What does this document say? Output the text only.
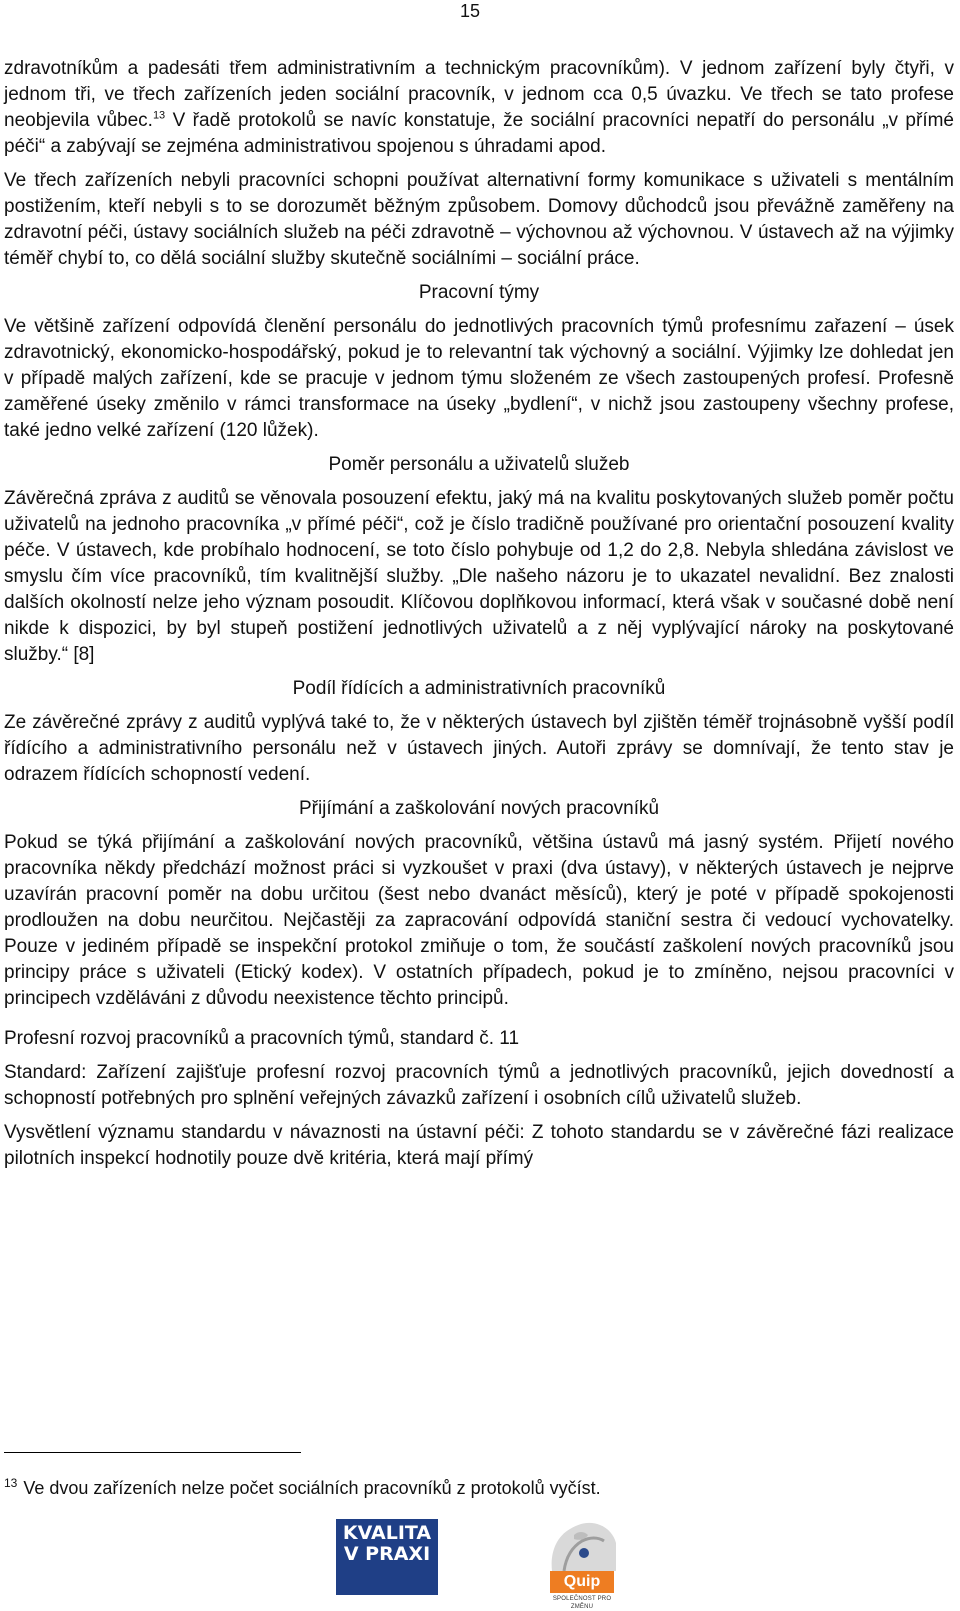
15

zdravotníkům a padesáti třem administrativním a technickým pracovníkům). V jednom zařízení byly čtyři, v jednom tři, ve třech zařízeních jeden sociální pracovník, v jednom cca 0,5 úvazku. Ve třech se tato profese neobjevila vůbec.$^{13}$ V řadě protokolů se navíc konstatuje, že sociální pracovníci nepatří do personálu „v přímé péči“ a zabývají se zejména administrativou spojenou s úhradami apod.

Ve třech zařízeních nebyli pracovníci schopni používat alternativní formy komunikace s uživateli s mentálním postižením, kteří nebyli s to se dorozumět běžným způsobem. Domovy důchodců jsou převážně zaměřeny na zdravotní péči, ústavy sociálních služeb na péči zdravotně – výchovnou až výchovnou. V ústavech až na výjimky téměř chybí to, co dělá sociální služby skutečně sociálními – sociální práce.

Pracovní týmy

Ve většině zařízení odpovídá členění personálu do jednotlivých pracovních týmů profesnímu zařazení – úsek zdravotnický, ekonomicko-hospodářský, pokud je to relevantní tak výchovný a sociální. Výjimky lze dohledat jen v případě malých zařízení, kde se pracuje v jednom týmu složeném ze všech zastoupených profesí. Profesně zaměřené úseky změnilo v rámci transformace na úseky „bydlení“, v nichž jsou zastoupeny všechny profese, také jedno velké zařízení (120 lůžek).

Poměr personálu a uživatelů služeb

Závěrečná zpráva z auditů se věnovala posouzení efektu, jaký má na kvalitu poskytovaných služeb poměr počtu uživatelů na jednoho pracovníka „v přímé péči“, což je číslo tradičně používané pro orientační posouzení kvality péče. V ústavech, kde probíhalo hodnocení, se toto číslo pohybuje od 1,2 do 2,8. Nebyla shledána závislost ve smyslu čím více pracovníků, tím kvalitnější služby. „Dle našeho názoru je to ukazatel nevalidní. Bez znalosti dalších okolností nelze jeho význam posoudit. Klíčovou doplňkovou informací, která však v současné době není nikde k dispozici, by byl stupeň postižení jednotlivých uživatelů a z něj vyplývající nároky na poskytované služby.“ [8]

Podíl řídících a administrativních pracovníků

Ze závěrečné zprávy z auditů vyplývá také to, že v některých ústavech byl zjištěn téměř trojnásobně vyšší podíl řídícího a administrativního personálu než v ústavech jiných. Autoři zprávy se domnívají, že tento stav je odrazem řídících schopností vedení.

Přijímání a zaškolování nových pracovníků

Pokud se týká přijímání a zaškolování nových pracovníků, většina ústavů má jasný systém. Přijetí nového pracovníka někdy předchází možnost práci si vyzkoušet v praxi (dva ústavy), v některých ústavech je nejprve uzavírán pracovní poměr na dobu určitou (šest nebo dvanáct měsíců), který je poté v případě spokojenosti prodloužen na dobu neurčitou. Nejčastěji za zapracování odpovídá staniční sestra či vedoucí vychovatelky. Pouze v jediném případě se inspekční protokol zmiňuje o tom, že součástí zaškolení nových pracovníků jsou principy práce s uživateli (Etický kodex). V ostatních případech, pokud je to zmíněno, nejsou pracovníci v principech vzděláváni z důvodu neexistence těchto principů.

Profesní rozvoj pracovníků a pracovních týmů, standard č. 11

Standard: Zařízení zajišťuje profesní rozvoj pracovních týmů a jednotlivých pracovníků, jejich dovedností a schopností potřebných pro splnění veřejných závazků zařízení i osobních cílů uživatelů služeb.

Vysvětlení významu standardu v návaznosti na ústavní péči: Z tohoto standardu se v závěrečné fázi realizace pilotních inspekcí hodnotily pouze dvě kritéria, která mají přímý

$^{13}$ Ve dvou zařízeních nelze počet sociálních pracovníků z protokolů vyčíst.
KVALITA
V PRAXI
Quip
SPOLEČNOST PRO ZMĚNU
